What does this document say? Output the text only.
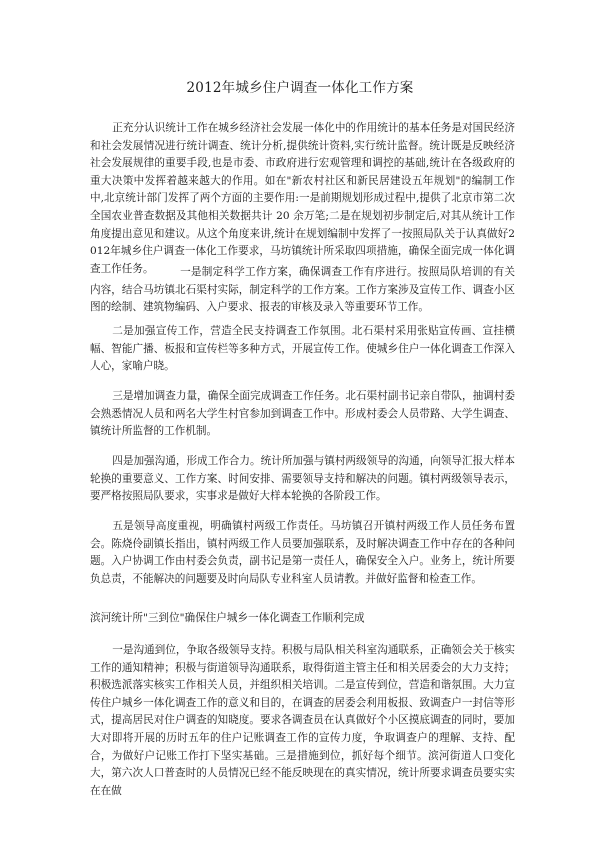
2012年城乡住户调查一体化工作方案

正充分认识统计工作在城乡经济社会发展一体化中的作用统计的基本任务是对国民经济和社会发展情况进行统计调查、统计分析,提供统计资料,实行统计监督。统计既是反映经济社会发展规律的重要手段,也是市委、市政府进行宏观管理和调控的基础,统计在各级政府的重大决策中发挥着越来越大的作用。如在"新农村社区和新民居建设五年规划"的编制工作中,北京统计部门发挥了两个方面的主要作用:一是前期规划形成过程中,提供了北京市第二次全国农业普查数据及其他相关数据共计 20 余万笔;二是在规划初步制定后,对其从统计工作角度提出意见和建议。从这个角度来讲,统计在规划编制中发挥了一按照局队关于认真做好2012年城乡住户调查一体化工作要求，马坊镇统计所采取四项措施，确保全面完成一体化调查工作任务。	一是制定科学工作方案，确保调查工作有序进行。按照局队培训的有关内容，结合马坊镇北石渠村实际，制定科学的工作方案。工作方案涉及宣传工作、调查小区图的绘制、建筑物编码、入户要求、报表的审核及录入等重要环节工作。

二是加强宣传工作，营造全民支持调查工作氛围。北石渠村采用张贴宣传画、宣挂横幅、智能广播、板报和宣传栏等多种方式，开展宣传工作。使城乡住户一体化调查工作深入人心，家喻户晓。

三是增加调查力量，确保全面完成调查工作任务。北石渠村副书记亲自带队，抽调村委会熟悉情况人员和两名大学生村官参加到调查工作中。形成村委会人员带路、大学生调查、镇统计所监督的工作机制。

四是加强沟通，形成工作合力。统计所加强与镇村两级领导的沟通，向领导汇报大样本轮换的重要意义、工作方案、时间安排、需要领导支持和解决的问题。镇村两级领导表示，要严格按照局队要求，实事求是做好大样本轮换的各阶段工作。

五是领导高度重视，明确镇村两级工作责任。马坊镇召开镇村两级工作人员任务布置会。陈烧伶副镇长指出，镇村两级工作人员要加强联系，及时解决调查工作中存在的各种问题。入户协调工作由村委会负责，副书记是第一责任人，确保安全入户。业务上，统计所要负总责，不能解决的问题要及时向局队专业科室人员请教。并做好监督和检查工作。

滨河统计所"三到位"确保住户城乡一体化调查工作顺利完成

一是沟通到位，争取各级领导支持。积极与局队相关科室沟通联系，正确领会关于核实工作的通知精神；积极与街道领导沟通联系，取得街道主管主任和相关居委会的大力支持；积极选派落实核实工作相关人员，并组织相关培训。二是宣传到位，营造和谐氛围。大力宣传住户城乡一体化调查工作的意义和目的，在调查的居委会利用板报、致调查户一封信等形式，提高居民对住户调查的知晓度。要求各调查员在认真做好个小区摸底调查的同时，要加大对即将开展的历时五年的住户记账调查工作的宣传力度，争取调查户的理解、支持、配合，为做好户记账工作打下坚实基础。三是措施到位，抓好每个细节。滨河街道人口变化大，第六次人口普查时的人员情况已经不能反映现在的真实情况，统计所要求调查员要实实在在做
